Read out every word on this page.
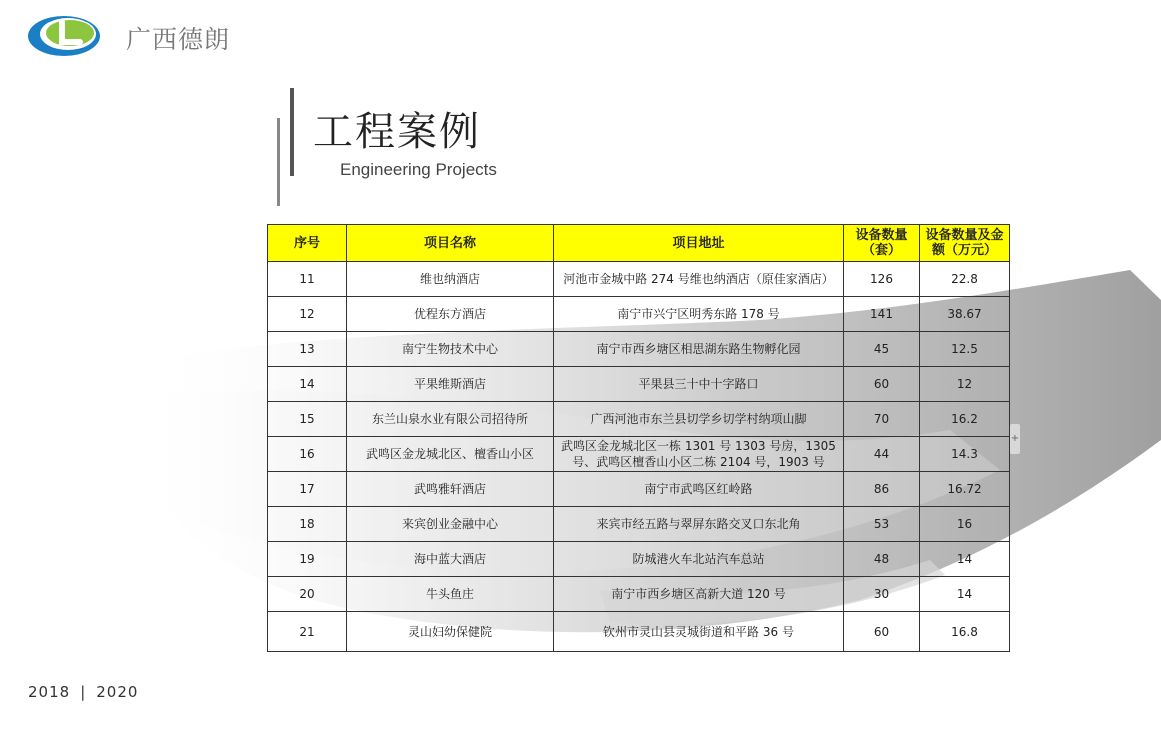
广西德朗
工程案例
Engineering Projects
序号	项目名称	项目地址	设备数量（套）	设备数量及金额（万元）
11	维也纳酒店	河池市金城中路 274 号维也纳酒店（原佳家酒店）	126	22.8
12	优程东方酒店	南宁市兴宁区明秀东路 178 号	141	38.67
13	南宁生物技术中心	南宁市西乡塘区相思湖东路生物孵化园	45	12.5
14	平果维斯酒店	平果县三十中十字路口	60	12
15	东兰山泉水业有限公司招待所	广西河池市东兰县切学乡切学村纳项山脚	70	16.2
16	武鸣区金龙城北区、檀香山小区	武鸣区金龙城北区一栋 1301 号 1303 号房，1305 号、武鸣区檀香山小区二栋 2104 号，1903 号	44	14.3
17	武鸣雅轩酒店	南宁市武鸣区红岭路	86	16.72
18	来宾创业金融中心	来宾市经五路与翠屏东路交叉口东北角	53	16
19	海中蓝大酒店	防城港火车北站汽车总站	48	14
20	牛头鱼庄	南宁市西乡塘区高新大道 120 号	30	14
21	灵山妇幼保健院	钦州市灵山县灵城街道和平路 36 号	60	16.8
+
2018 | 2020
